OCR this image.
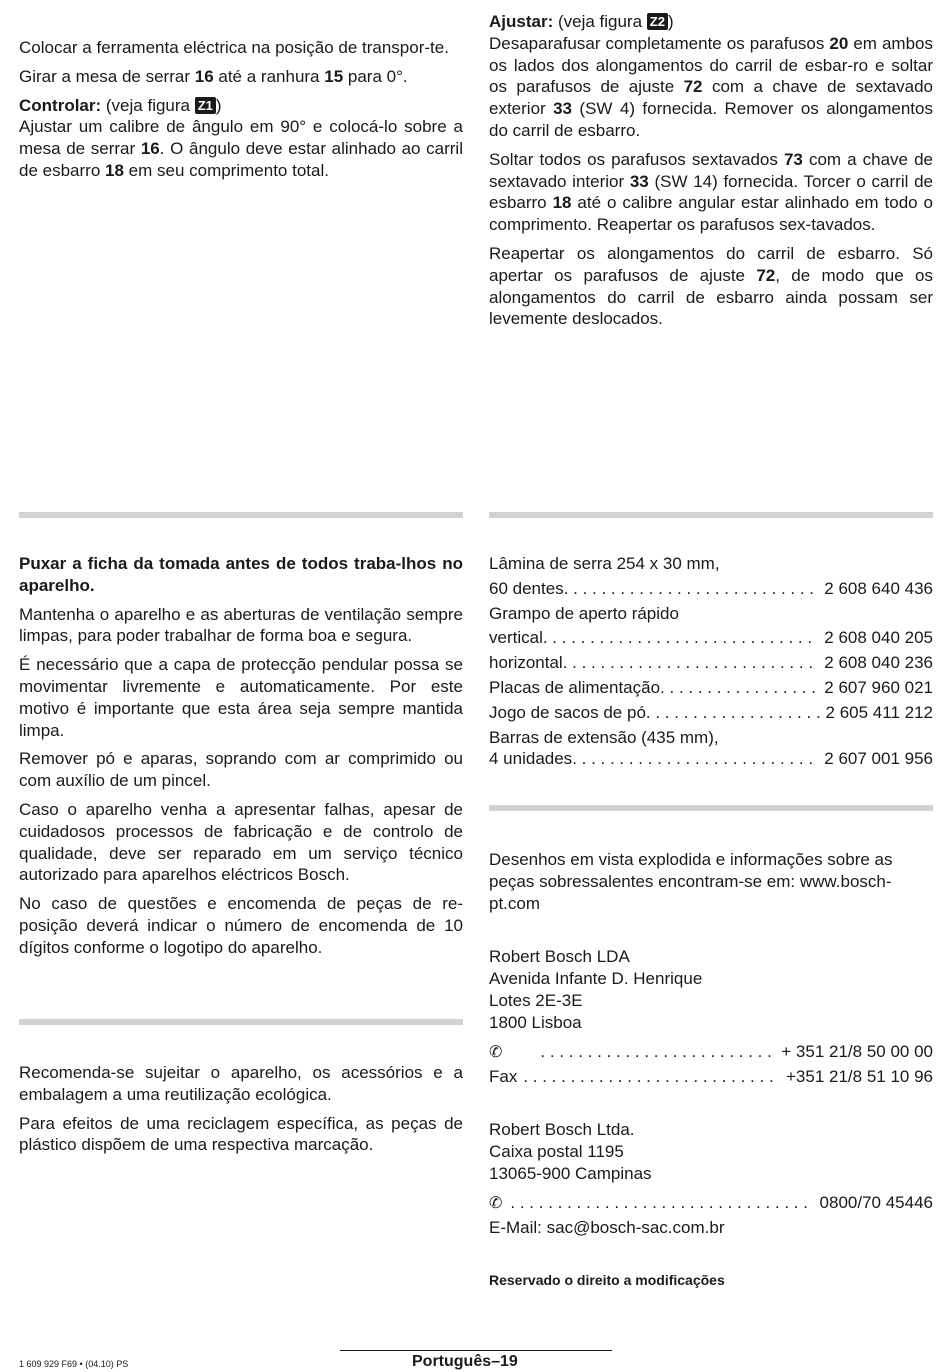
Colocar a ferramenta eléctrica na posição de transpor-te.

Girar a mesa de serrar 16 até a ranhura 15 para 0°.

Controlar: (veja figura Z1 )

Ajustar um calibre de ângulo em 90° e colocá-lo sobre a mesa de serrar 16. O ângulo deve estar alinhado ao carril de esbarro 18 em seu comprimento total.

Ajustar: (veja figura Z2 )

Desaparafusar completamente os parafusos 20 em ambos os lados dos alongamentos do carril de esbar-ro e soltar os parafusos de ajuste 72 com a chave de sextavado exterior 33 (SW 4) fornecida. Remover os alongamentos do carril de esbarro.

Soltar todos os parafusos sextavados 73 com a chave de sextavado interior 33 (SW 14) fornecida. Torcer o carril de esbarro 18 até o calibre angular estar alinhado em todo o comprimento. Reapertar os parafusos sex-tavados.

Reapertar os alongamentos do carril de esbarro. Só apertar os parafusos de ajuste 72, de modo que os alongamentos do carril de esbarro ainda possam ser levemente deslocados.

Puxar a ficha da tomada antes de todos traba-lhos no aparelho.

Mantenha o aparelho e as aberturas de ventilação sempre limpas, para poder trabalhar de forma boa e segura.

É necessário que a capa de protecção pendular possa se movimentar livremente e automaticamente. Por este motivo é importante que esta área seja sempre mantida limpa.

Remover pó e aparas, soprando com ar comprimido ou com auxílio de um pincel.

Caso o aparelho venha a apresentar falhas, apesar de cuidadosos processos de fabricação e de controlo de qualidade, deve ser reparado em um serviço técnico autorizado para aparelhos eléctricos Bosch.

No caso de questões e encomenda de peças de re-posição deverá indicar o número de encomenda de 10 dígitos conforme o logotipo do aparelho.

Lâmina de serra 254 x 30 mm,
60 dentes . . .	2 608 640 436
Grampo de aperto rápido
vertical . . .	2 608 040 205
horizontal . . .	2 608 040 236
Placas de alimentação . . .	2 607 960 021
Jogo de sacos de pó . . .	2 605 411 212
Barras de extensão (435 mm),
4 unidades . . .	2 607 001 956

Desenhos em vista explodida e informações sobre as peças sobressalentes encontram-se em: www.bosch-pt.com

Robert Bosch LDA
Avenida Infante D. Henrique
Lotes 2E-3E
1800 Lisboa
✆ . . .	+ 351 21/8 50 00 00
Fax . . .	+351 21/8 51 10 96
Robert Bosch Ltda.
Caixa postal 1195
13065-900 Campinas
✆ . . .	0800/70 45446
E-Mail: sac@bosch-sac.com.br
Reservado o direito a modificações

Recomenda-se sujeitar o aparelho, os acessórios e a embalagem a uma reutilização ecológica.

Para efeitos de uma reciclagem específica, as peças de plástico dispõem de uma respectiva marcação.

1 609 929 F69 • (04.10) PS	Português–19
